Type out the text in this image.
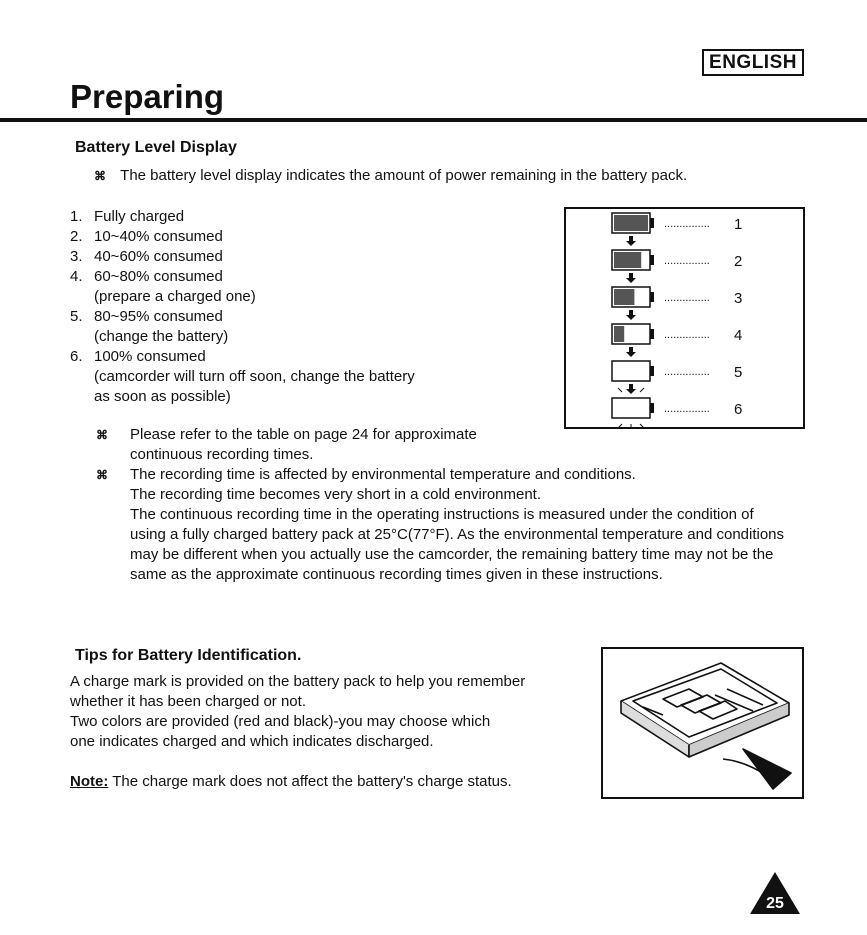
ENGLISH
Preparing
Battery Level Display
⌘ The battery level display indicates the amount of power remaining in the battery pack.
1. Fully charged
2. 10~40% consumed
3. 40~60% consumed
4. 60~80% consumed
(prepare a charged one)
5. 80~95% consumed
(change the battery)
6. 100% consumed
(camcorder will turn off soon, change the battery
as soon as possible)
............... 1
............... 2
............... 3
............... 4
............... 5
............... 6
⌘ Please refer to the table on page 24 for approximate
continuous recording times.
⌘ The recording time is affected by environmental temperature and conditions.
The recording time becomes very short in a cold environment.
The continuous recording time in the operating instructions is measured under the condition of
using a fully charged battery pack at 25°C(77°F). As the environmental temperature and conditions
may be different when you actually use the camcorder, the remaining battery time may not be the
same as the approximate continuous recording times given in these instructions.
Tips for Battery Identification.
A charge mark is provided on the battery pack to help you remember
whether it has been charged or not.
Two colors are provided (red and black)-you may choose which
one indicates charged and which indicates discharged.
Note: The charge mark does not affect the battery's charge status.
25
